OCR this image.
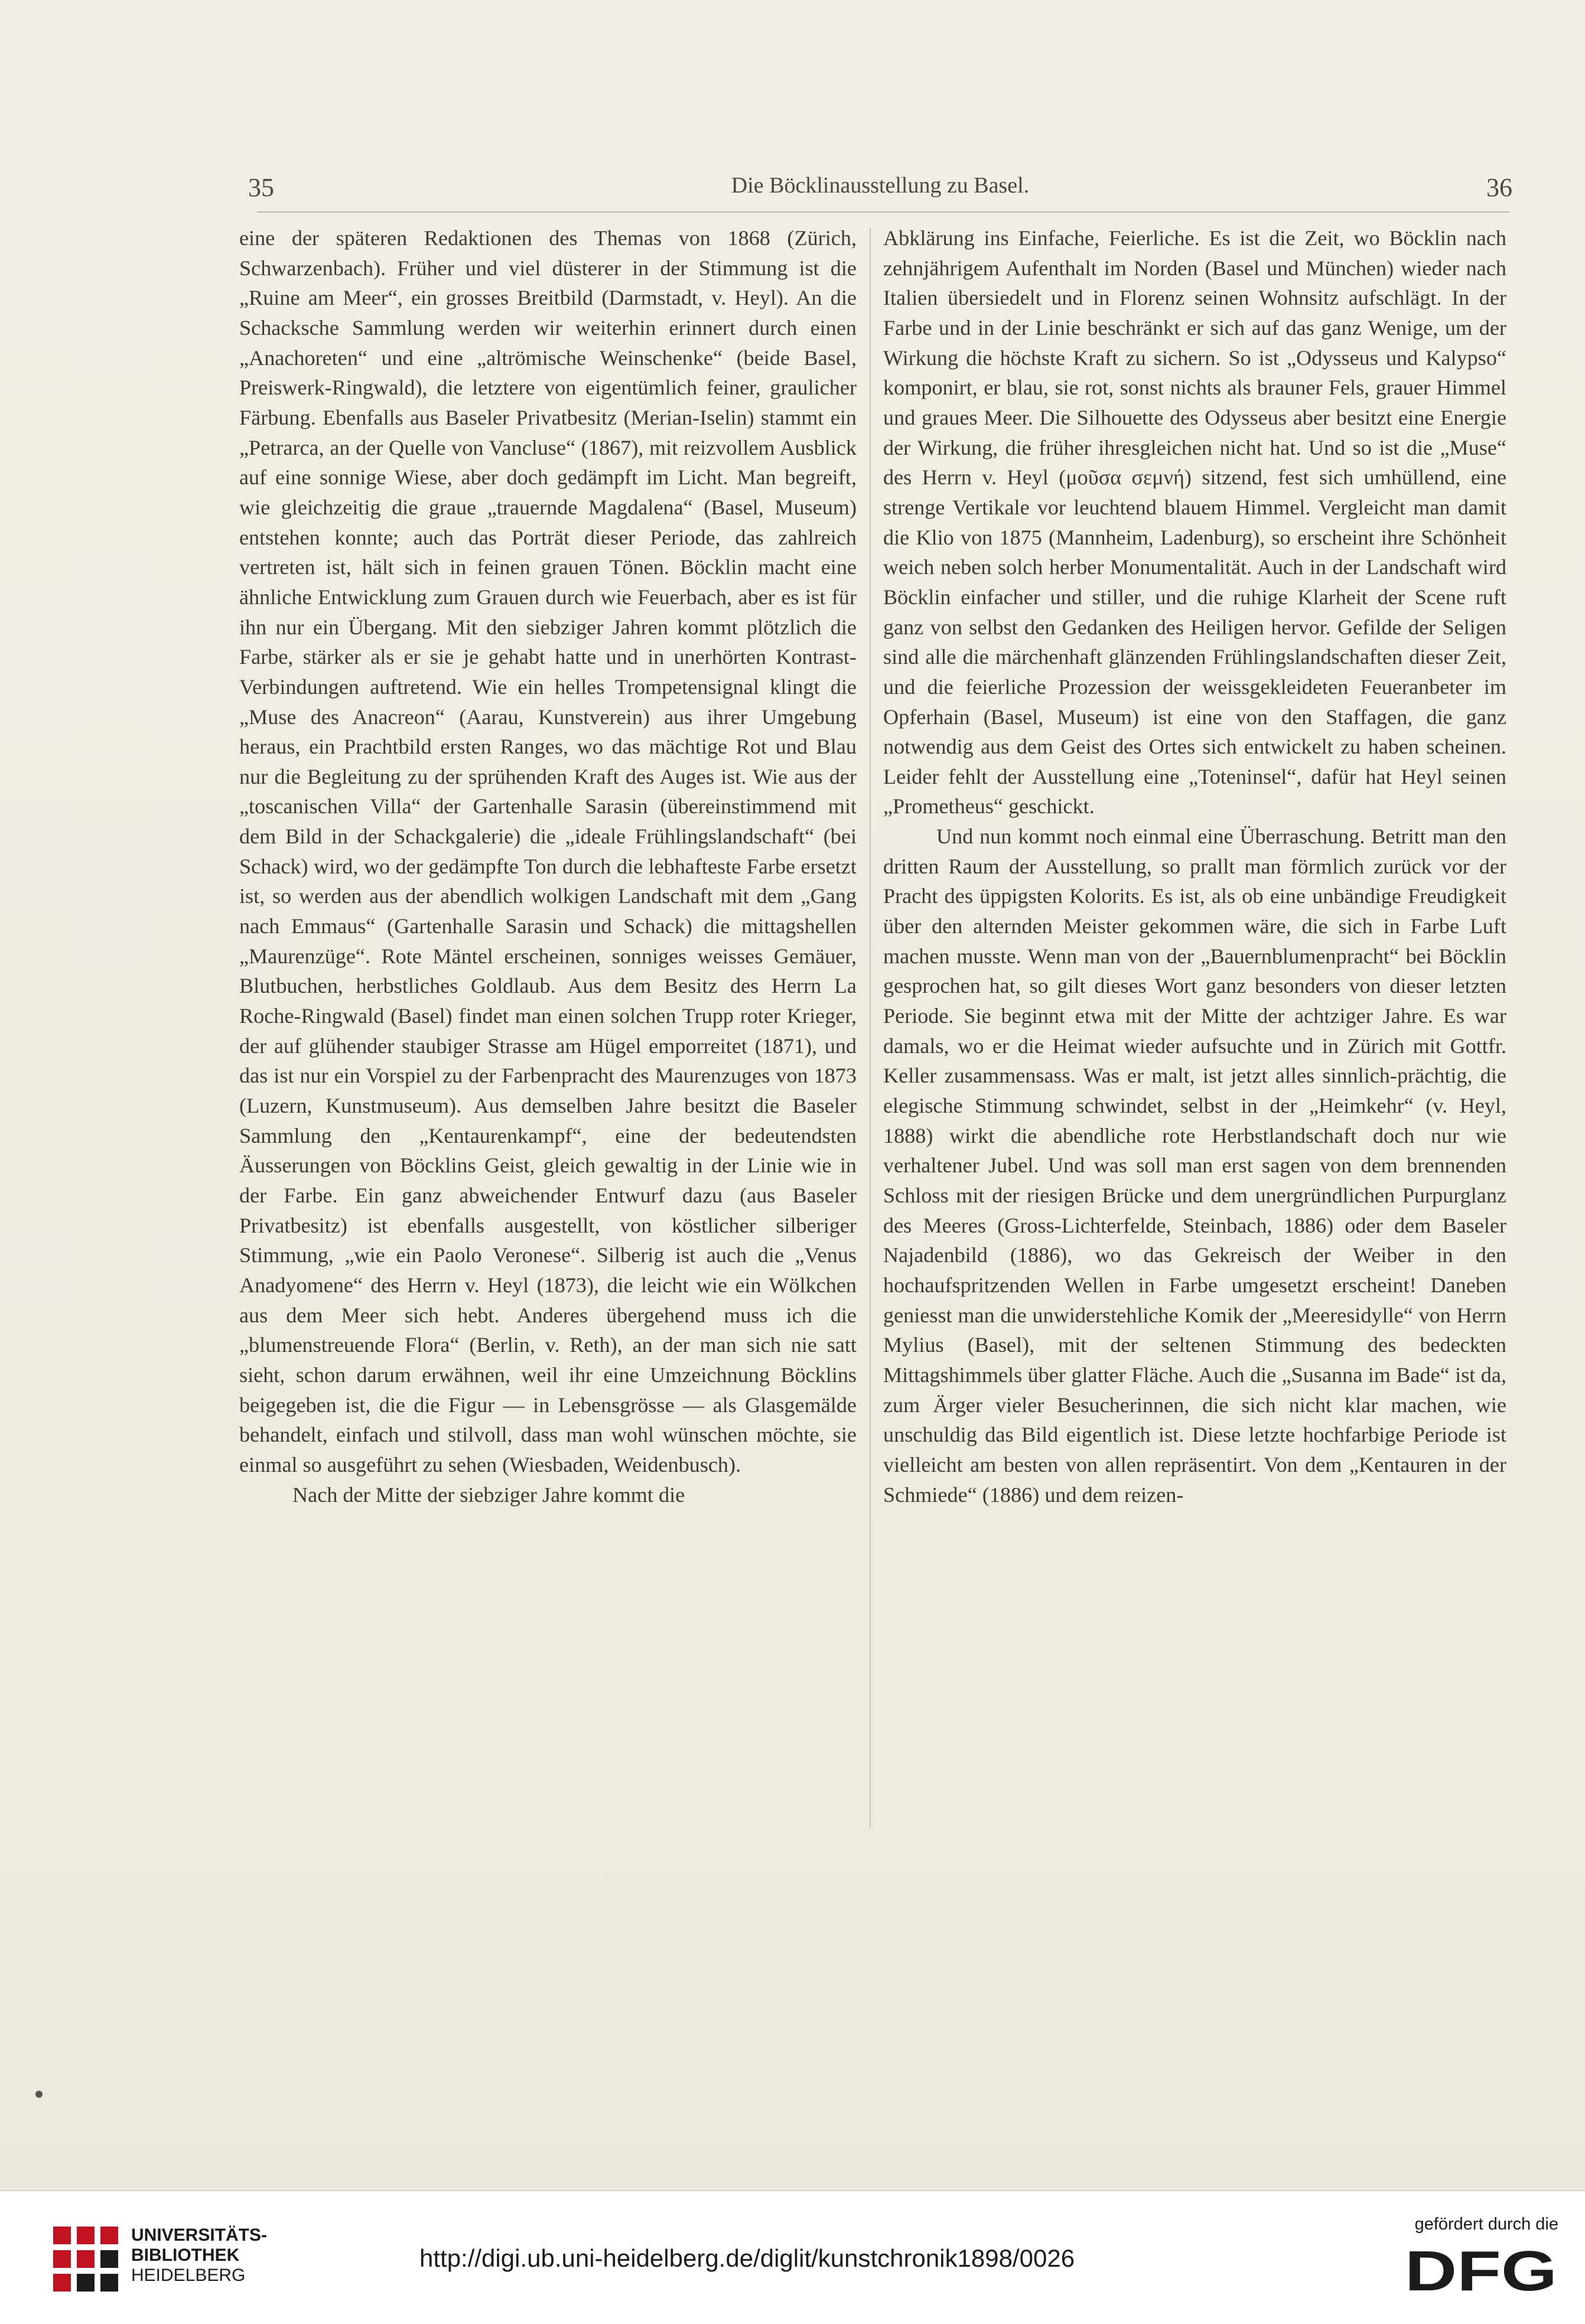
35	Die Böcklinausstellung zu Basel.	36

eine der späteren Redaktionen des Themas von 1868 (Zürich, Schwarzenbach). Früher und viel düsterer in der Stimmung ist die „Ruine am Meer“, ein grosses Breitbild (Darmstadt, v. Heyl). An die Schacksche Sammlung werden wir weiterhin erinnert durch einen „Anachoreten“ und eine „altrömische Weinschenke“ (beide Basel, Preiswerk-Ringwald), die letztere von eigentümlich feiner, graulicher Färbung. Ebenfalls aus Baseler Privatbesitz (Merian-Iselin) stammt ein „Petrarca, an der Quelle von Vancluse“ (1867), mit reizvollem Ausblick auf eine sonnige Wiese, aber doch gedämpft im Licht. Man begreift, wie gleichzeitig die graue „trauernde Magdalena“ (Basel, Museum) entstehen konnte; auch das Porträt dieser Periode, das zahlreich vertreten ist, hält sich in feinen grauen Tönen. Böcklin macht eine ähnliche Entwicklung zum Grauen durch wie Feuerbach, aber es ist für ihn nur ein Übergang. Mit den siebziger Jahren kommt plötzlich die Farbe, stärker als er sie je gehabt hatte und in unerhörten Kontrast-Verbindungen auftretend. Wie ein helles Trompetensignal klingt die „Muse des Anacreon“ (Aarau, Kunstverein) aus ihrer Umgebung heraus, ein Prachtbild ersten Ranges, wo das mächtige Rot und Blau nur die Begleitung zu der sprühenden Kraft des Auges ist. Wie aus der „toscanischen Villa“ der Gartenhalle Sarasin (übereinstimmend mit dem Bild in der Schackgalerie) die „ideale Frühlingslandschaft“ (bei Schack) wird, wo der gedämpfte Ton durch die lebhafteste Farbe ersetzt ist, so werden aus der abendlich wolkigen Landschaft mit dem „Gang nach Emmaus“ (Gartenhalle Sarasin und Schack) die mittagshellen „Maurenzüge“. Rote Mäntel erscheinen, sonniges weisses Gemäuer, Blutbuchen, herbstliches Goldlaub. Aus dem Besitz des Herrn La Roche-Ringwald (Basel) findet man einen solchen Trupp roter Krieger, der auf glühender staubiger Strasse am Hügel emporreitet (1871), und das ist nur ein Vorspiel zu der Farbenpracht des Maurenzuges von 1873 (Luzern, Kunstmuseum). Aus demselben Jahre besitzt die Baseler Sammlung den „Kentaurenkampf“, eine der bedeutendsten Äusserungen von Böcklins Geist, gleich gewaltig in der Linie wie in der Farbe. Ein ganz abweichender Entwurf dazu (aus Baseler Privatbesitz) ist ebenfalls ausgestellt, von köstlicher silberiger Stimmung, „wie ein Paolo Veronese“. Silberig ist auch die „Venus Anadyomene“ des Herrn v. Heyl (1873), die leicht wie ein Wölkchen aus dem Meer sich hebt. Anderes übergehend muss ich die „blumenstreuende Flora“ (Berlin, v. Reth), an der man sich nie satt sieht, schon darum erwähnen, weil ihr eine Umzeichnung Böcklins beigegeben ist, die die Figur — in Lebensgrösse — als Glasgemälde behandelt, einfach und stilvoll, dass man wohl wünschen möchte, sie einmal so ausgeführt zu sehen (Wiesbaden, Weidenbusch).

Nach der Mitte der siebziger Jahre kommt die

Abklärung ins Einfache, Feierliche. Es ist die Zeit, wo Böcklin nach zehnjährigem Aufenthalt im Norden (Basel und München) wieder nach Italien übersiedelt und in Florenz seinen Wohnsitz aufschlägt. In der Farbe und in der Linie beschränkt er sich auf das ganz Wenige, um der Wirkung die höchste Kraft zu sichern. So ist „Odysseus und Kalypso“ komponirt, er blau, sie rot, sonst nichts als brauner Fels, grauer Himmel und graues Meer. Die Silhouette des Odysseus aber besitzt eine Energie der Wirkung, die früher ihresgleichen nicht hat. Und so ist die „Muse“ des Herrn v. Heyl (μοῦσα σεμνή) sitzend, fest sich umhüllend, eine strenge Vertikale vor leuchtend blauem Himmel. Vergleicht man damit die Klio von 1875 (Mannheim, Ladenburg), so erscheint ihre Schönheit weich neben solch herber Monumentalität. Auch in der Landschaft wird Böcklin einfacher und stiller, und die ruhige Klarheit der Scene ruft ganz von selbst den Gedanken des Heiligen hervor. Gefilde der Seligen sind alle die märchenhaft glänzenden Frühlingslandschaften dieser Zeit, und die feierliche Prozession der weissgekleideten Feueranbeter im Opferhain (Basel, Museum) ist eine von den Staffagen, die ganz notwendig aus dem Geist des Ortes sich entwickelt zu haben scheinen. Leider fehlt der Ausstellung eine „Toteninsel“, dafür hat Heyl seinen „Prometheus“ geschickt.

Und nun kommt noch einmal eine Überraschung. Betritt man den dritten Raum der Ausstellung, so prallt man förmlich zurück vor der Pracht des üppigsten Kolorits. Es ist, als ob eine unbändige Freudigkeit über den alternden Meister gekommen wäre, die sich in Farbe Luft machen musste. Wenn man von der „Bauernblumenpracht“ bei Böcklin gesprochen hat, so gilt dieses Wort ganz besonders von dieser letzten Periode. Sie beginnt etwa mit der Mitte der achtziger Jahre. Es war damals, wo er die Heimat wieder aufsuchte und in Zürich mit Gottfr. Keller zusammensass. Was er malt, ist jetzt alles sinnlich-prächtig, die elegische Stimmung schwindet, selbst in der „Heimkehr“ (v. Heyl, 1888) wirkt die abendliche rote Herbstlandschaft doch nur wie verhaltener Jubel. Und was soll man erst sagen von dem brennenden Schloss mit der riesigen Brücke und dem unergründlichen Purpurglanz des Meeres (Gross-Lichterfelde, Steinbach, 1886) oder dem Baseler Najadenbild (1886), wo das Gekreisch der Weiber in den hochaufspritzenden Wellen in Farbe umgesetzt erscheint! Daneben geniesst man die unwiderstehliche Komik der „Meeresidylle“ von Herrn Mylius (Basel), mit der seltenen Stimmung des bedeckten Mittagshimmels über glatter Fläche. Auch die „Susanna im Bade“ ist da, zum Ärger vieler Besucherinnen, die sich nicht klar machen, wie unschuldig das Bild eigentlich ist. Diese letzte hochfarbige Periode ist vielleicht am besten von allen repräsentirt. Von dem „Kentauren in der Schmiede“ (1886) und dem reizen-

UNIVERSITÄTS-
BIBLIOTHEK
HEIDELBERG
http://digi.ub.uni-heidelberg.de/diglit/kunstchronik1898/0026
gefördert durch die
DFG
